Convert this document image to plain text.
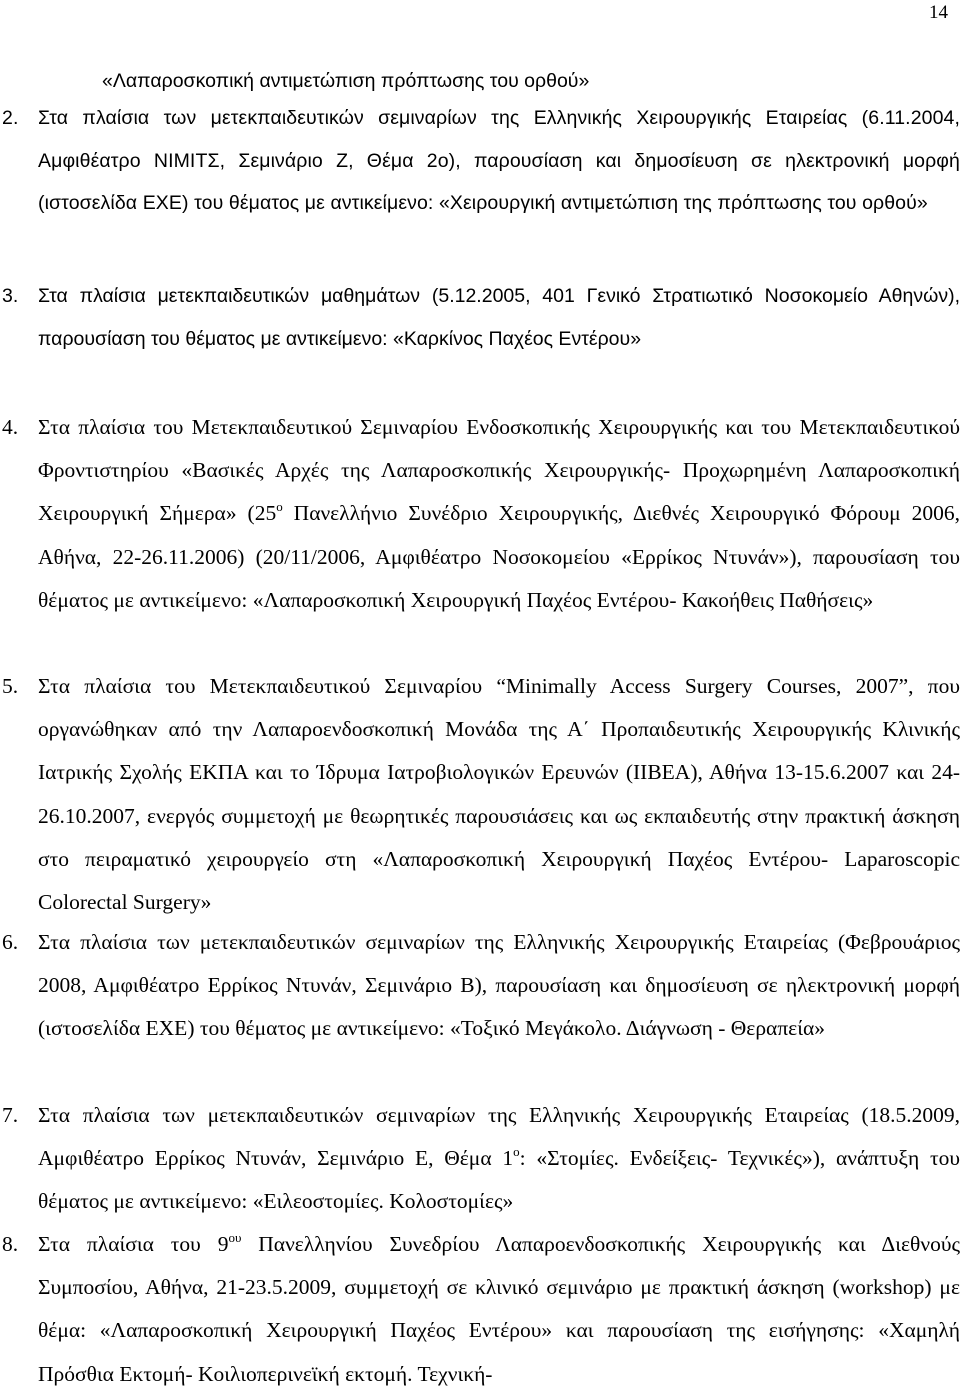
14
«Λαπαροσκοπική αντιμετώπιση πρόπτωσης του ορθού»
2. Στα πλαίσια των μετεκπαιδευτικών σεμιναρίων της Ελληνικής Χειρουργικής Εταιρείας (6.11.2004, Αμφιθέατρο ΝΙΜΙΤΣ, Σεμινάριο Ζ, Θέμα 2ο), παρουσίαση και δημοσίευση σε ηλεκτρονική μορφή (ιστοσελίδα ΕΧΕ) του θέματος με αντικείμενο: «Χειρουργική αντιμετώπιση της πρόπτωσης του ορθού»
3. Στα πλαίσια μετεκπαιδευτικών μαθημάτων (5.12.2005, 401 Γενικό Στρατιωτικό Νοσοκομείο Αθηνών), παρουσίαση του θέματος με αντικείμενο: «Καρκίνος Παχέος Εντέρου»
4. Στα πλαίσια του Μετεκπαιδευτικού Σεμιναρίου Ενδοσκοπικής Χειρουργικής και του Μετεκπαιδευτικού Φροντιστηρίου «Βασικές Αρχές της Λαπαροσκοπικής Χειρουργικής- Προχωρημένη Λαπαροσκοπική Χειρουργική Σήμερα» ($25^o$ Πανελλήνιο Συνέδριο Χειρουργικής, Διεθνές Χειρουργικό Φόρουμ 2006, Αθήνα, 22-26.11.2006) (20/11/2006, Αμφιθέατρο Νοσοκομείου «Ερρίκος Ντυνάν»), παρουσίαση του θέματος με αντικείμενο: «Λαπαροσκοπική Χειρουργική Παχέος Εντέρου- Κακοήθεις Παθήσεις»
5. Στα πλαίσια του Μετεκπαιδευτικού Σεμιναρίου “Minimally Access Surgery Courses, 2007”, που οργανώθηκαν από την Λαπαροενδοσκοπική Μονάδα της Α΄ Προπαιδευτικής Χειρουργικής Κλινικής Ιατρικής Σχολής ΕΚΠΑ και το Ίδρυμα Ιατροβιολογικών Ερευνών (ΙΙΒΕΑ), Αθήνα 13-15.6.2007 και 24-26.10.2007, ενεργός συμμετοχή με θεωρητικές παρουσιάσεις και ως εκπαιδευτής στην πρακτική άσκηση στο πειραματικό χειρουργείο στη «Λαπαροσκοπική Χειρουργική Παχέος Εντέρου- Laparoscopic Colorectal Surgery»
6. Στα πλαίσια των μετεκπαιδευτικών σεμιναρίων της Ελληνικής Χειρουργικής Εταιρείας (Φεβρουάριος 2008, Αμφιθέατρο Ερρίκος Ντυνάν, Σεμινάριο Β), παρουσίαση και δημοσίευση σε ηλεκτρονική μορφή (ιστοσελίδα ΕΧΕ) του θέματος με αντικείμενο: «Τοξικό Μεγάκολο. Διάγνωση - Θεραπεία»
7. Στα πλαίσια των μετεκπαιδευτικών σεμιναρίων της Ελληνικής Χειρουργικής Εταιρείας (18.5.2009, Αμφιθέατρο Ερρίκος Ντυνάν, Σεμινάριο Ε, Θέμα $1^o$: «Στομίες. Ενδείξεις- Τεχνικές»), ανάπτυξη του θέματος με αντικείμενο: «Ειλεοστομίες. Κολοστομίες»
8. Στα πλαίσια του $9^{o\upsilon}$ Πανελληνίου Συνεδρίου Λαπαροενδοσκοπικής Χειρουργικής και Διεθνούς Συμποσίου, Αθήνα, 21-23.5.2009, συμμετοχή σε κλινικό σεμινάριο με πρακτική άσκηση (workshop) με θέμα: «Λαπαροσκοπική Χειρουργική Παχέος Εντέρου» και παρουσίαση της εισήγησης: «Χαμηλή Πρόσθια Εκτομή- Κοιλιοπερινεϊκή εκτομή. Τεχνική-
